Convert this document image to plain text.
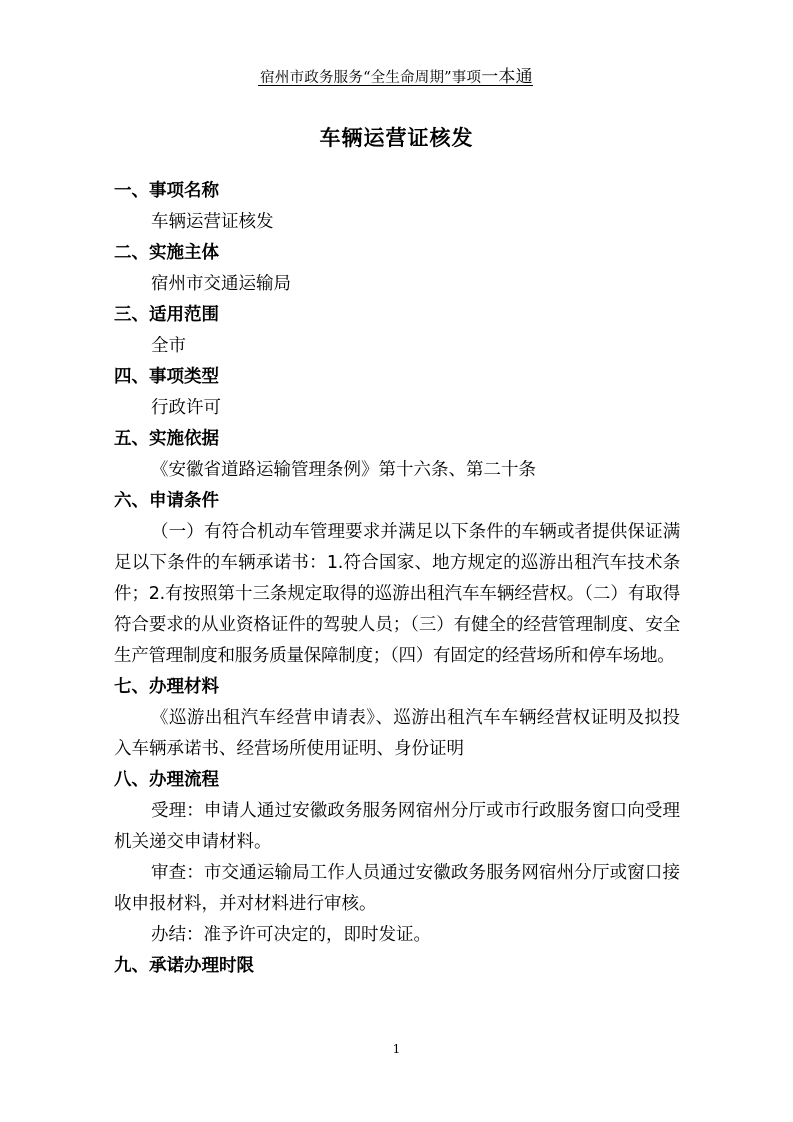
宿州市政务服务“全生命周期”事项一本通
车辆运营证核发
一、事项名称
车辆运营证核发
二、实施主体
宿州市交通运输局
三、适用范围
全市
四、事项类型
行政许可
五、实施依据
《安徽省道路运输管理条例》第十六条、第二十条
六、申请条件

（一）有符合机动车管理要求并满足以下条件的车辆或者提供保证满足以下条件的车辆承诺书：1.符合国家、地方规定的巡游出租汽车技术条件；2.有按照第十三条规定取得的巡游出租汽车车辆经营权。（二）有取得符合要求的从业资格证件的驾驶人员；（三）有健全的经营管理制度、安全生产管理制度和服务质量保障制度；（四）有固定的经营场所和停车场地。

七、办理材料

《巡游出租汽车经营申请表》、巡游出租汽车车辆经营权证明及拟投入车辆承诺书、经营场所使用证明、身份证明

八、办理流程

受理：申请人通过安徽政务服务网宿州分厅或市行政服务窗口向受理机关递交申请材料。

审查：市交通运输局工作人员通过安徽政务服务网宿州分厅或窗口接收申报材料，并对材料进行审核。

办结：准予许可决定的，即时发证。

九、承诺办理时限
1
